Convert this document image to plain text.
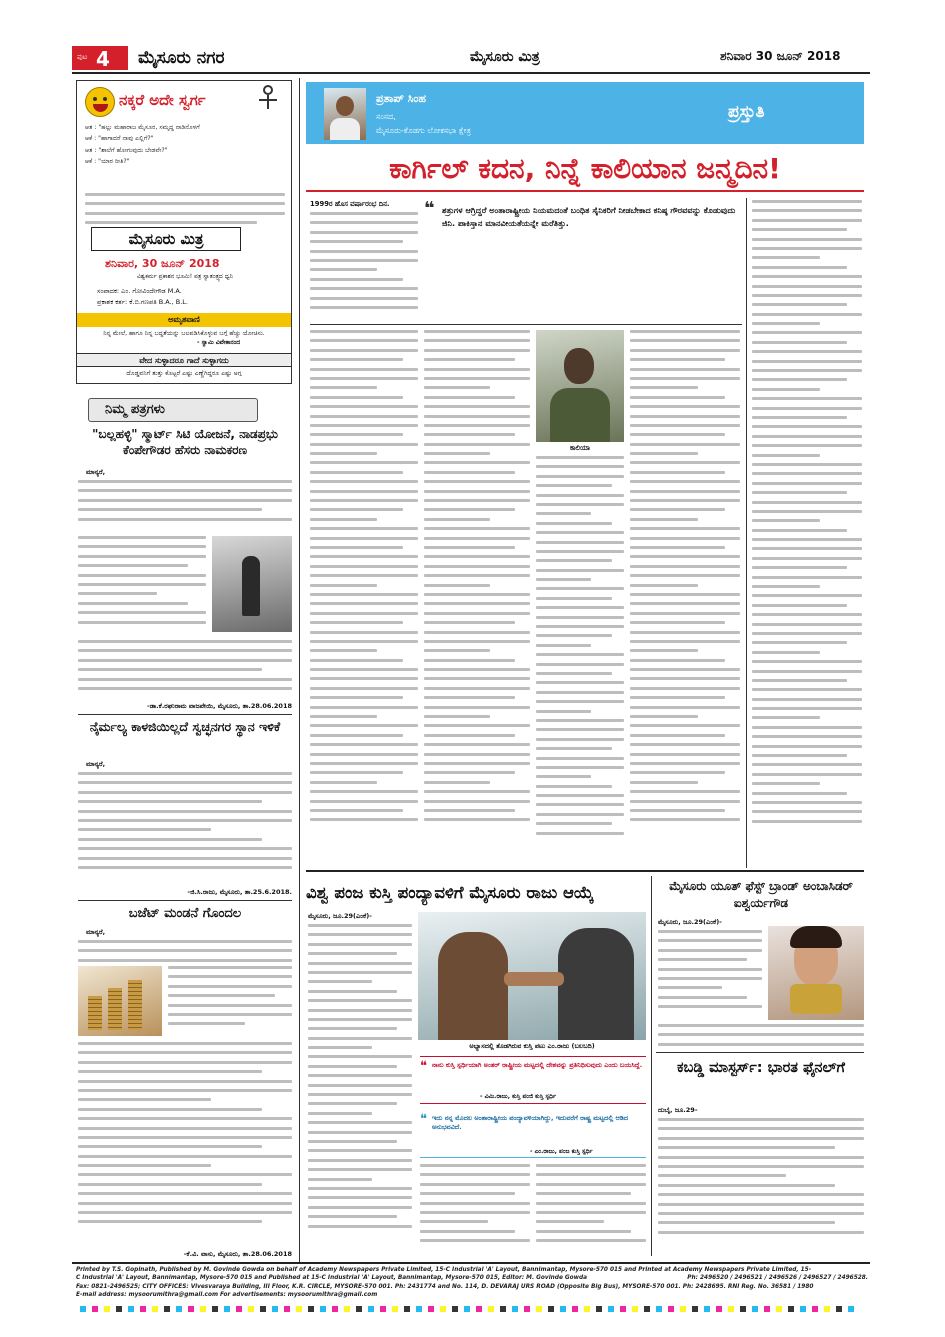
ಪುಟ 4 ಮೈಸೂರು ನಗರ	ಮೈಸೂರು ಮಿತ್ರ	ಶನಿವಾರ 30 ಜೂನ್ 2018
ನಕ್ಕರೆ ಅದೇ ಸ್ವರ್ಗ

ಆತ : "ಹಲ್ಲು ಮಹಾರಾಜ ಮೈಸೂರ, ಸಮೃದ್ಧ ನಾಡಿನೊಳಗೆ

ಆಕೆ : "ಹಾಗಾದರೆ ನಾವು ಎಲ್ಲಿಗೆ?"

ಆತ : "ಶಾಲೆಗೆ ಹೋಗುವುದು ಬೇಡವೇ?"

ಆಕೆ : "ಯಾರ ರೀತಿ?"

ಮೈಸೂರು ಮಿತ್ರ
ಶನಿವಾರ, 30 ಜೂನ್ 2018
ವಿಶ್ವಕರ್ಮ ಪ್ರಕಾಶನ ಭೂಮಿ! ಪತ್ರ ಸ್ವಾತಂತ್ರ್ಯದ ಧ್ವನಿ
ಸಂಪಾದಕ: ಎಂ. ಗೋವಿಂದೇಗೌಡ M.A.
ಪ್ರಕಾಶಕ ಕರ್ತ: ಕೆ.ಬಿ.ಗಣಪತಿ B.A., B.L.
ಅಮೃತವಾಣಿ
ನಿನ್ನ ಮೇಲೆ, ಹಾಗೂ ನಿನ್ನ ಬದ್ಧತೆಯನ್ನು ಬಲಪಡಿಸಿಕೊಳ್ಳುವ ಬಗ್ಗೆ ಹೆಚ್ಚು ಯೋಚಿಸು.
- ಸ್ವಾಮಿ ವಿವೇಕಾನಂದ
ವೇದ ಸುಳ್ಳಾದರೂ ಗಾದೆ ಸುಳ್ಳಾಗದು
ದೊಡ್ಡವನಿಗೆ ತುತ್ತು ಕೊಟ್ಟರೆ ಎಷ್ಟು ಎಣ್ಣೆಗಿದ್ದರೂ ಎಷ್ಟು ಅಗ್ಗ
ನಿಮ್ಮ ಪತ್ರಗಳು
"ಬಲ್ಲಹಳ್ಳಿ" ಸ್ಮಾರ್ಟ್ ಸಿಟಿ ಯೋಜನೆ, ನಾಡಪ್ರಭು ಕೆಂಪೇಗೌಡರ ಹೆಸರು ನಾಮಕರಣ
ಮಾನ್ಯರೆ,
-ಡಾ.ಕೆ.ರಘುರಾಮ ವಾಜಪೇಯಿ, ಮೈಸೂರು, ತಾ.28.06.2018
ನೈರ್ಮಲ್ಯ ಕಾಳಜಿಯಿಲ್ಲದೆ ಸ್ವಚ್ಛನಗರ ಸ್ಥಾನ ಇಳಿಕೆ
ಮಾನ್ಯರೆ,
-ಜಿ.ಸಿ.ರಾಜು, ಮೈಸೂರು, ತಾ.25.6.2018.
ಬಜೆಟ್ ಮಂಡನೆ ಗೊಂದಲ
ಮಾನ್ಯರೆ,
-ಕೆ.ವಿ. ವಾಸು, ಮೈಸೂರು, ತಾ.28.06.2018
ಪ್ರತಾಪ್ ಸಿಂಹ
ಸಂಸದ,
ಮೈಸೂರು-ಕೊಡಗು ಲೋಕಸಭಾ ಕ್ಷೇತ್ರ
ಪ್ರಸ್ತುತಿ
ಕಾರ್ಗಿಲ್ ಕದನ, ನಿನ್ನೆ ಕಾಲಿಯಾನ ಜನ್ಮದಿನ!
1999ರ ಹೊಸ ವರ್ಷಾರಂಭ ದಿನ.	❝ ಶತ್ರುಗಳ ಆಗ್ರಿದ್ದರೆ ಅಂತಾರಾಷ್ಟ್ರೀಯ ನಿಯಮದಂತೆ ಬಂಧಿತ ಸೈನಿಕರಿಗೆ ನೀಡಬೇಕಾದ ಕನಿಷ್ಠ ಗೌರವವನ್ನು ಕೊಡುವುದು ಜಿನಿ. ಪಾಕಿಸ್ತಾನ ಮಾನವೀಯತೆಯನ್ನೇ ಮರೆತಿತ್ತು.
ಕಾಲಿಯಾ
ವಿಶ್ವ ಪಂಜ ಕುಸ್ತಿ ಪಂದ್ಯಾವಳಿಗೆ ಮೈಸೂರು ರಾಜು ಆಯ್ಕೆ
ಮೈಸೂರು, ಜೂ.29(ಎಂಕೆ)-
ಅಭ್ಯಾಸದಲ್ಲಿ ತೊಡಗಿರುವ ಕುಸ್ತಿ ಪಟು ಎಂ.ರಾಜು (ಬಲಬದಿ)
❝ ನಾನು ಕುಸ್ತಿ ಸ್ಪರ್ಧಿಯಾಗಿ ಅಂತರ್ ರಾಷ್ಟ್ರೀಯ ಮಟ್ಟದಲ್ಲಿ ದೇಶವನ್ನು ಪ್ರತಿನಿಧಿಸುವುದು ಎಂದು ಬಯಸಿದ್ದೆ.
- ವಿಮಿ.ರಾಜು, ಕುಸ್ತಿ ಪಂಜಿ ಕುಸ್ತಿ ಸ್ಪರ್ಧಿ
❝ ಇದು ನನ್ನ ಮೊದಲ ಅಂತಾರಾಷ್ಟ್ರೀಯ ಪಂದ್ಯಾವಳಿಯಾಗಿದ್ದು, ಇದುವರೆಗೆ ರಾಷ್ಟ್ರ ಮಟ್ಟದಲ್ಲಿ ಆಡಿದ ಅನುಭವವಿದೆ.
- ಎಂ.ರಾಜು, ಪಂಜ ಕುಸ್ತಿ ಸ್ಪರ್ಧಿ
ಮೈಸೂರು ಯೂತ್ ಫೆಸ್ಟ್ ಬ್ರಾಂಡ್ ಅಂಬಾಸಿಡರ್ ಐಶ್ವರ್ಯಗೌಡ
ಮೈಸೂರು, ಜೂ.29(ಎಂಕೆ)-
ಕಬಡ್ಡಿ ಮಾಸ್ಟರ್ಸ್: ಭಾರತ ಫೈನಲ್‌ಗೆ
ದುಬೈ, ಜೂ.29-
Printed by T.S. Gopinath, Published by M. Govinde Gowda on behalf of Academy Newspapers Private Limited, 15-C Industrial 'A' Layout, Bannimantap, Mysore-570 015 and Printed at Academy Newspapers Private Limited, 15-
C Industrial 'A' Layout, Bannimantap, Mysore-570 015 and Published at 15-C Industrial 'A' Layout, Bannimantap, Mysore-570 015, Editor: M. Govinde Gowda	Ph: 2496520 / 2496521 / 2496526 / 2496527 / 2496528.
Fax: 0821-2496525; CITY OFFICES: Vivesvaraya Building, III Floor, K.R. CIRCLE, MYSORE-570 001. Ph: 2431774 and No. 114, D. DEVARAJ URS ROAD (Opposite Big Bus), MYSORE-570 001. Ph: 2428695. RNI Reg. No. 36581 / 1980
E-mail address: mysoorumithra@gmail.com For advertisements: mysoorumithra@gmail.com
